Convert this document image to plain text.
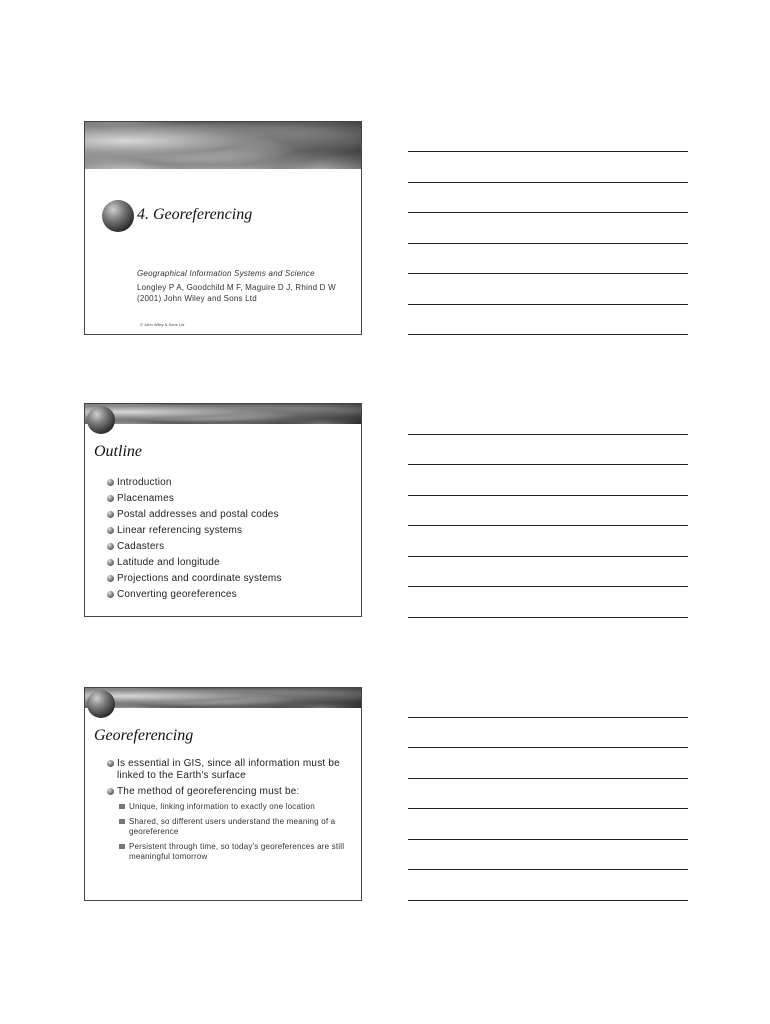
4. Georeferencing
Geographical Information Systems and Science
Longley P A, Goodchild M F, Maguire D J, Rhind D W (2001) John Wiley and Sons Ltd
© John Wiley & Sons Ltd
Outline
Introduction
Placenames
Postal addresses and postal codes
Linear referencing systems
Cadasters
Latitude and longitude
Projections and coordinate systems
Converting georeferences
Georeferencing
Is essential in GIS, since all information must be linked to the Earth's surface
The method of georeferencing must be:
Unique, linking information to exactly one location
Shared, so different users understand the meaning of a georeference
Persistent through time, so today's georeferences are still meaningful tomorrow
